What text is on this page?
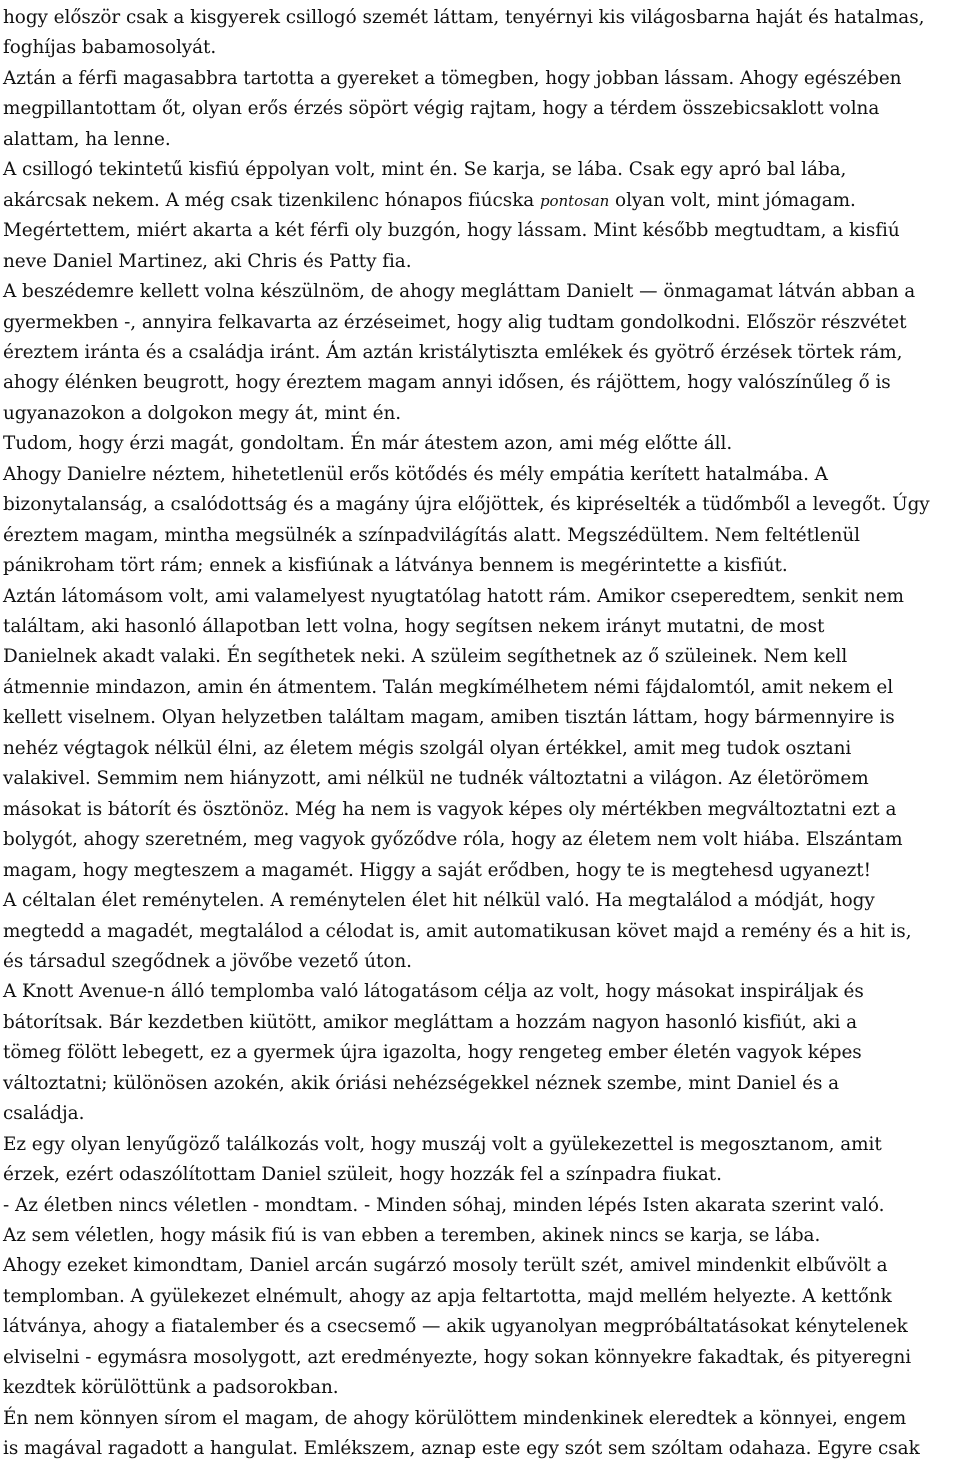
hogy először csak a kisgyerek csillogó szemét láttam, tenyérnyi kis világosbarna haját és hatalmas,
foghíjas babamosolyát.
Aztán a férfi magasabbra tartotta a gyereket a tömegben, hogy jobban lássam. Ahogy egészében
megpillantottam őt, olyan erős érzés söpört végig rajtam, hogy a térdem összebicsaklott volna
alattam, ha lenne.
A csillogó tekintetű kisfiú éppolyan volt, mint én. Se karja, se lába. Csak egy apró bal lába,
akárcsak nekem. A még csak tizenkilenc hónapos fiúcska pontosan olyan volt, mint jómagam.
Megértettem, miért akarta a két férfi oly buzgón, hogy lássam. Mint később megtudtam, a kisfiú
neve Daniel Martinez, aki Chris és Patty fia.
A beszédemre kellett volna készülnöm, de ahogy megláttam Danielt — önmagamat látván abban a
gyermekben -, annyira felkavarta az érzéseimet, hogy alig tudtam gondolkodni. Először részvétet
éreztem iránta és a családja iránt. Ám aztán kristálytiszta emlékek és gyötrő érzések törtek rám,
ahogy élénken beugrott, hogy éreztem magam annyi idősen, és rájöttem, hogy valószínűleg ő is
ugyanazokon a dolgokon megy át, mint én.
Tudom, hogy érzi magát, gondoltam. Én már átestem azon, ami még előtte áll.
Ahogy Danielre néztem, hihetetlenül erős kötődés és mély empátia kerített hatalmába. A
bizonytalanság, a csalódottság és a magány újra előjöttek, és kipréselték a tüdőmből a levegőt. Úgy
éreztem magam, mintha megsülnék a színpadvilágítás alatt. Megszédültem. Nem feltétlenül
pánikroham tört rám; ennek a kisfiúnak a látványa bennem is megérintette a kisfiút.
Aztán látomásom volt, ami valamelyest nyugtatólag hatott rám. Amikor cseperedtem, senkit nem
találtam, aki hasonló állapotban lett volna, hogy segítsen nekem irányt mutatni, de most
Danielnek akadt valaki. Én segíthetek neki. A szüleim segíthetnek az ő szüleinek. Nem kell
átmennie mindazon, amin én átmentem. Talán megkímélhetem némi fájdalomtól, amit nekem el
kellett viselnem. Olyan helyzetben találtam magam, amiben tisztán láttam, hogy bármennyire is
nehéz végtagok nélkül élni, az életem mégis szolgál olyan értékkel, amit meg tudok osztani
valakivel. Semmim nem hiányzott, ami nélkül ne tudnék változtatni a világon. Az életörömem
másokat is bátorít és ösztönöz. Még ha nem is vagyok képes oly mértékben megváltoztatni ezt a
bolygót, ahogy szeretném, meg vagyok győződve róla, hogy az életem nem volt hiába. Elszántam
magam, hogy megteszem a magamét. Higgy a saját erődben, hogy te is megtehesd ugyanezt!
A céltalan élet reménytelen. A reménytelen élet hit nélkül való. Ha megtalálod a módját, hogy
megtedd a magadét, megtalálod a célodat is, amit automatikusan követ majd a remény és a hit is,
és társadul szegődnek a jövőbe vezető úton.
A Knott Avenue-n álló templomba való látogatásom célja az volt, hogy másokat inspiráljak és
bátorítsak. Bár kezdetben kiütött, amikor megláttam a hozzám nagyon hasonló kisfiút, aki a
tömeg fölött lebegett, ez a gyermek újra igazolta, hogy rengeteg ember életén vagyok képes
változtatni; különösen azokén, akik óriási nehézségekkel néznek szembe, mint Daniel és a
családja.
Ez egy olyan lenyűgöző találkozás volt, hogy muszáj volt a gyülekezettel is megosztanom, amit
érzek, ezért odaszólítottam Daniel szüleit, hogy hozzák fel a színpadra fiukat.
- Az életben nincs véletlen - mondtam. - Minden sóhaj, minden lépés Isten akarata szerint való.
Az sem véletlen, hogy másik fiú is van ebben a teremben, akinek nincs se karja, se lába.
Ahogy ezeket kimondtam, Daniel arcán sugárzó mosoly terült szét, amivel mindenkit elbűvölt a
templomban. A gyülekezet elnémult, ahogy az apja feltartotta, majd mellém helyezte. A kettőnk
látványa, ahogy a fiatalember és a csecsemő — akik ugyanolyan megpróbáltatásokat kénytelenek
elviselni - egymásra mosolygott, azt eredményezte, hogy sokan könnyekre fakadtak, és pityeregni
kezdtek körülöttünk a padsorokban.
Én nem könnyen sírom el magam, de ahogy körülöttem mindenkinek eleredtek a könnyei, engem
is magával ragadott a hangulat. Emlékszem, aznap este egy szót sem szóltam odahaza. Egyre csak
